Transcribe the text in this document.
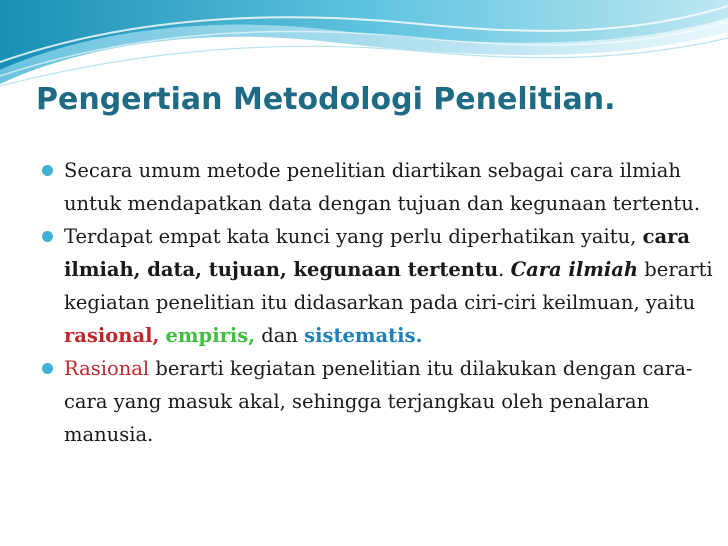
Pengertian Metodologi Penelitian.
Secara umum metode penelitian diartikan sebagai cara ilmiah untuk mendapatkan data dengan tujuan dan kegunaan tertentu.
Terdapat empat kata kunci yang perlu diperhatikan yaitu, cara ilmiah, data, tujuan, kegunaan tertentu. Cara ilmiah berarti kegiatan penelitian itu didasarkan pada ciri-ciri keilmuan, yaitu
rasional, empiris, dan sistematis.
Rasional berarti kegiatan penelitian itu dilakukan dengan cara-cara yang masuk akal, sehingga terjangkau oleh penalaran manusia.
